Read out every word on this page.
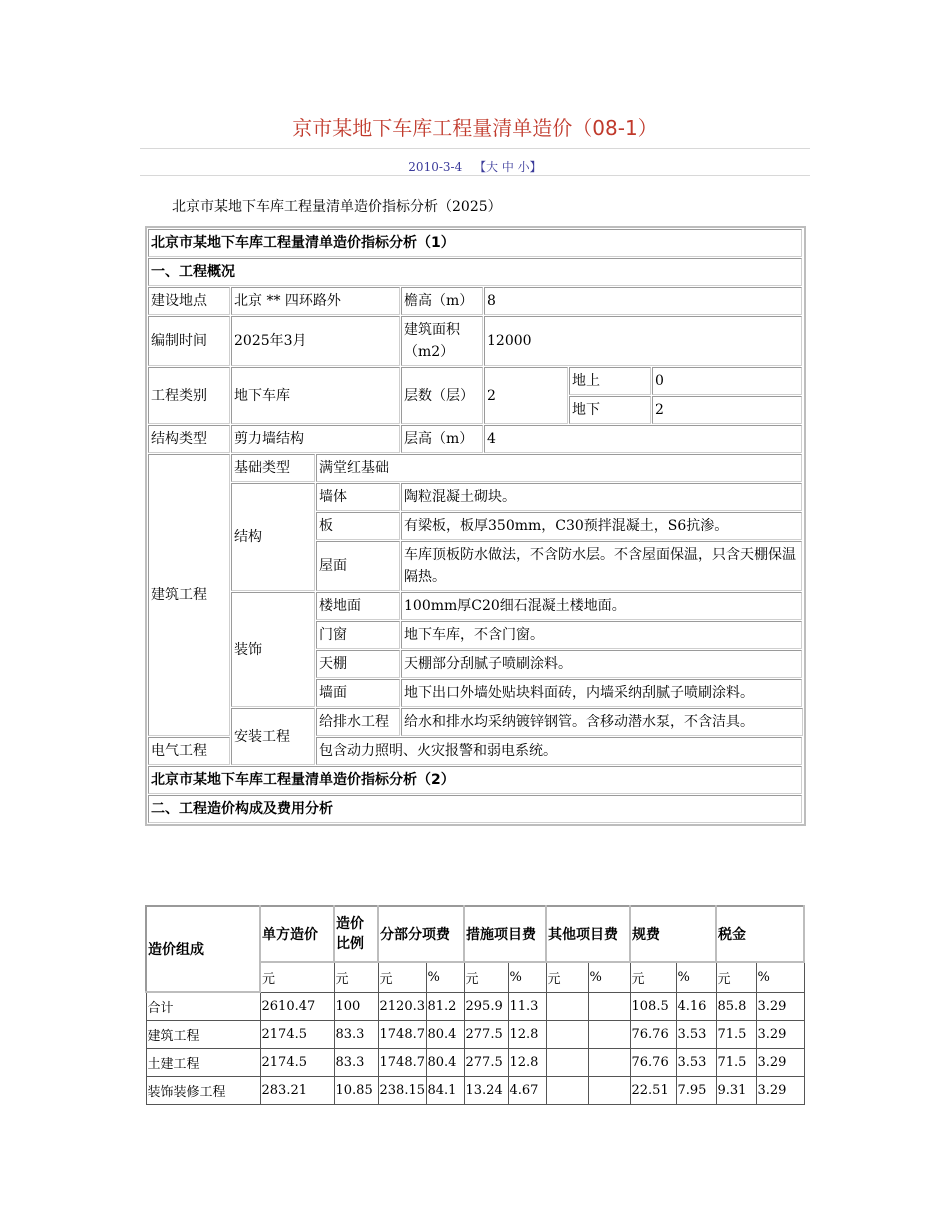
京市某地下车库工程量清单造价（08-1）
2010-3-4 【大 中 小】
北京市某地下车库工程量清单造价指标分析（2025）
北京市某地下车库工程量清单造价指标分析（1）						
一、工程概况						
建设地点	北京 ** 四环路外		檐高（m）	8		
编制时间	2025年3月		建筑面积（m2）	12000		
工程类别	地下车库		层数（层）	2	地上	0
					地下	2
结构类型	剪力墙结构		层高（m）	4		
建筑工程	基础类型	满堂红基础				
	结构	墙体	陶粒混凝土砌块。			
		板	有梁板，板厚350mm，C30预拌混凝土，S6抗渗。			
		屋面	车库顶板防水做法，不含防水层。不含屋面保温，只含天棚保温隔热。			
	装饰	楼地面	100mm厚C20细石混凝土楼地面。			
		门窗	地下车库，不含门窗。			
		天棚	天棚部分刮腻子喷刷涂料。			
		墙面	地下出口外墙处贴块料面砖，内墙采纳刮腻子喷刷涂料。			
	安装工程	给排水工程	给水和排水均采纳镀锌钢管。含移动潜水泵，不含洁具。			
电气工程		包含动力照明、火灾报警和弱电系统。				
北京市某地下车库工程量清单造价指标分析（2）						
二、工程造价构成及费用分析						
造价组成	单方造价	造价比例	分部分项费		措施项目费		其他项目费		规费		税金	
	元	元	元	%	元	%	元	%	元	%	元	%
合计	2610.47	100	2120.3	81.2	295.9	11.3			108.5	4.16	85.8	3.29
建筑工程	2174.5	83.3	1748.7	80.4	277.5	12.8			76.76	3.53	71.5	3.29
土建工程	2174.5	83.3	1748.7	80.4	277.5	12.8			76.76	3.53	71.5	3.29
装饰装修工程	283.21	10.85	238.15	84.1	13.24	4.67			22.51	7.95	9.31	3.29
